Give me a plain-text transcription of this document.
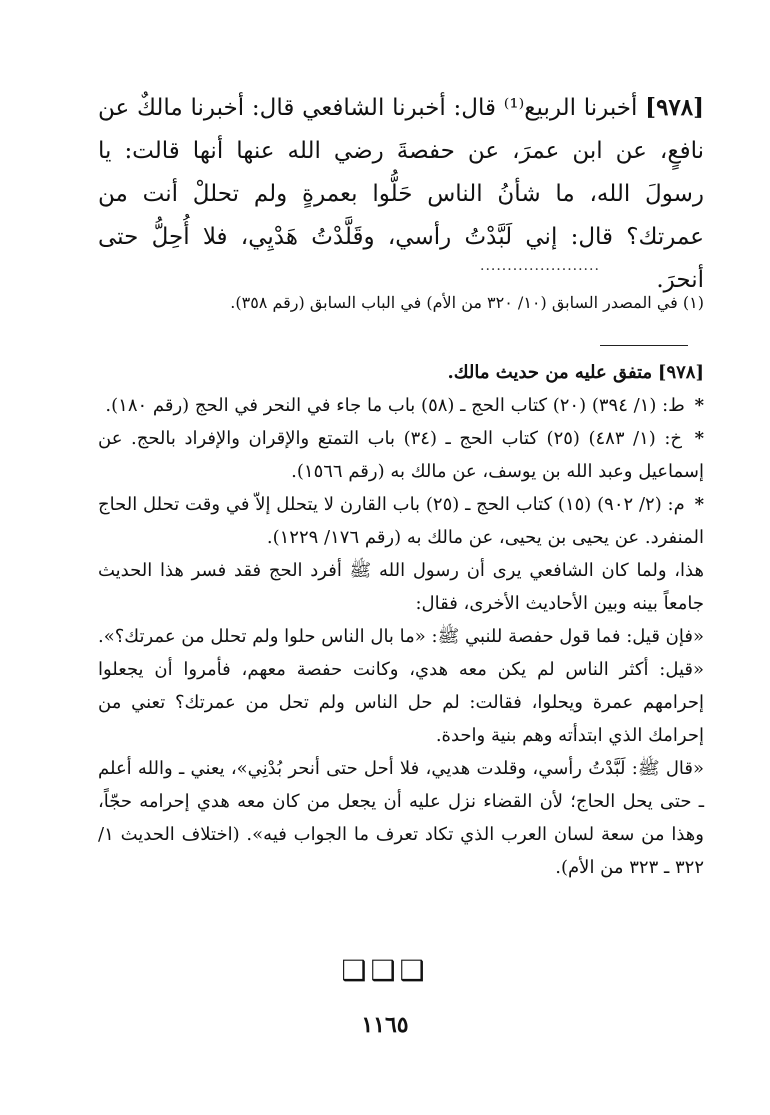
[٩٧٨] أخبرنا الربيع⁽¹⁾ قال: أخبرنا الشافعي قال: أخبرنا مالكٌ عن نافعٍ، عن ابن عمرَ، عن حفصةَ رضي الله عنها أنها قالت: يا رسولَ الله، ما شأنُ الناس حَلُّوا بعمرةٍ ولم تحللْ أنت من عمرتك؟ قال: إني لَبَّدْتُ رأسي، وقَلَّدْتُ هَدْيِي، فلا أُحِلُّ حتى أنحرَ.
......................
(١) في المصدر السابق (١٠/ ٣٢٠ من الأم) في الباب السابق (رقم ٣٥٨).

[٩٧٨] متفق عليه من حديث مالك.

* ط: (١/ ٣٩٤) (٢٠) كتاب الحج ـ (٥٨) باب ما جاء في النحر في الحج (رقم ١٨٠).

* خ: (١/ ٤٨٣) (٢٥) كتاب الحج ـ (٣٤) باب التمتع والإقران والإفراد بالحج. عن إسماعيل وعبد الله بن يوسف، عن مالك به (رقم ١٥٦٦).

* م: (٢/ ٩٠٢) (١٥) كتاب الحج ـ (٢٥) باب القارن لا يتحلل إلاّ في وقت تحلل الحاج المنفرد. عن يحيى بن يحيى، عن مالك به (رقم ١٧٦/ ١٢٢٩).

هذا، ولما كان الشافعي يرى أن رسول الله ﷺ أفرد الحج فقد فسر هذا الحديث جامعاً بينه وبين الأحاديث الأخرى، فقال:

«فإن قيل: فما قول حفصة للنبي ﷺ: «ما بال الناس حلوا ولم تحلل من عمرتك؟».

«قيل: أكثر الناس لم يكن معه هدي، وكانت حفصة معهم، فأمروا أن يجعلوا إحرامهم عمرة ويحلوا، فقالت: لم حل الناس ولم تحل من عمرتك؟ تعني من إحرامك الذي ابتدأته وهم بنية واحدة.

«قال ﷺ: لَبَّدْتُ رأسي، وقلدت هديي، فلا أحل حتى أنحر بُدْنِي»، يعني ـ والله أعلم ـ حتى يحل الحاج؛ لأن القضاء نزل عليه أن يجعل من كان معه هدي إحرامه حجّاً، وهذا من سعة لسان العرب الذي تكاد تعرف ما الجواب فيه». (اختلاف الحديث ١/ ٣٢٢ ـ ٣٢٣ من الأم).

❑❑❑
١١٦٥
